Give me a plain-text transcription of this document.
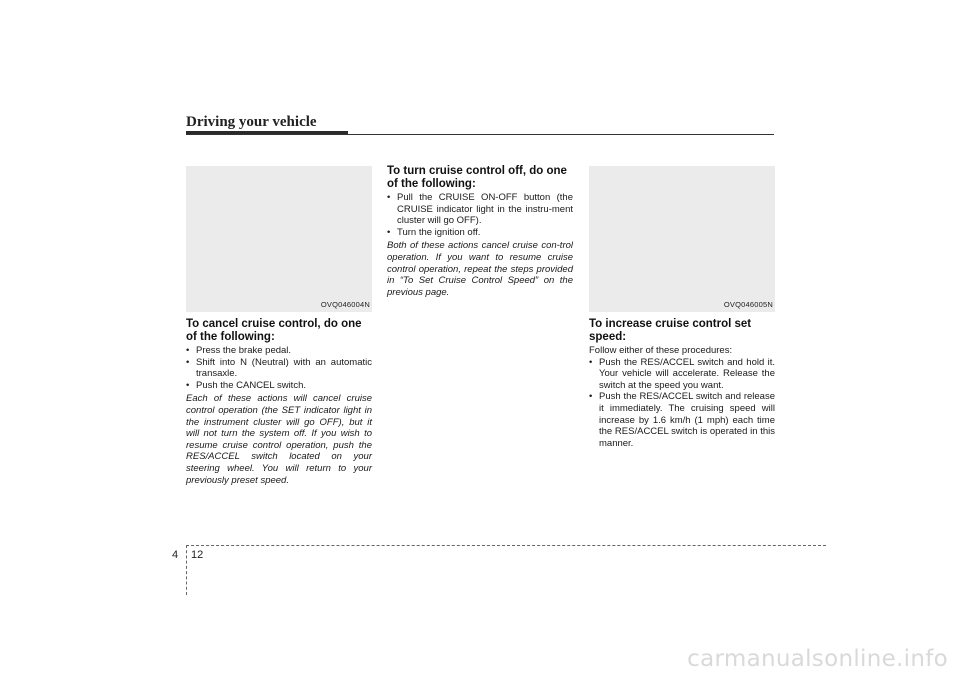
Driving your vehicle
OVQ046004N	OVQ046005N
To cancel cruise control, do one of the following:
• Press the brake pedal.
• Shift into N (Neutral) with an automatic transaxle.
• Push the CANCEL switch.

Each of these actions will cancel cruise control operation (the SET indicator light in the instrument cluster will go OFF), but it will not turn the system off. If you wish to resume cruise control operation, push the RES/ACCEL switch located on your steering wheel. You will return to your previously preset speed.

To turn cruise control off, do one of the following:
• Pull the CRUISE ON-OFF button (the CRUISE indicator light in the instru-ment cluster will go OFF).
• Turn the ignition off.

Both of these actions cancel cruise con-trol operation. If you want to resume cruise control operation, repeat the steps provided in “To Set Cruise Control Speed” on the previous page.

To increase cruise control set speed:

Follow either of these procedures:

• Push the RES/ACCEL switch and hold it. Your vehicle will accelerate. Release the switch at the speed you want.
• Push the RES/ACCEL switch and release it immediately. The cruising speed will increase by 1.6 km/h (1 mph) each time the RES/ACCEL switch is operated in this manner.
4 12
carmanualsonline.info
